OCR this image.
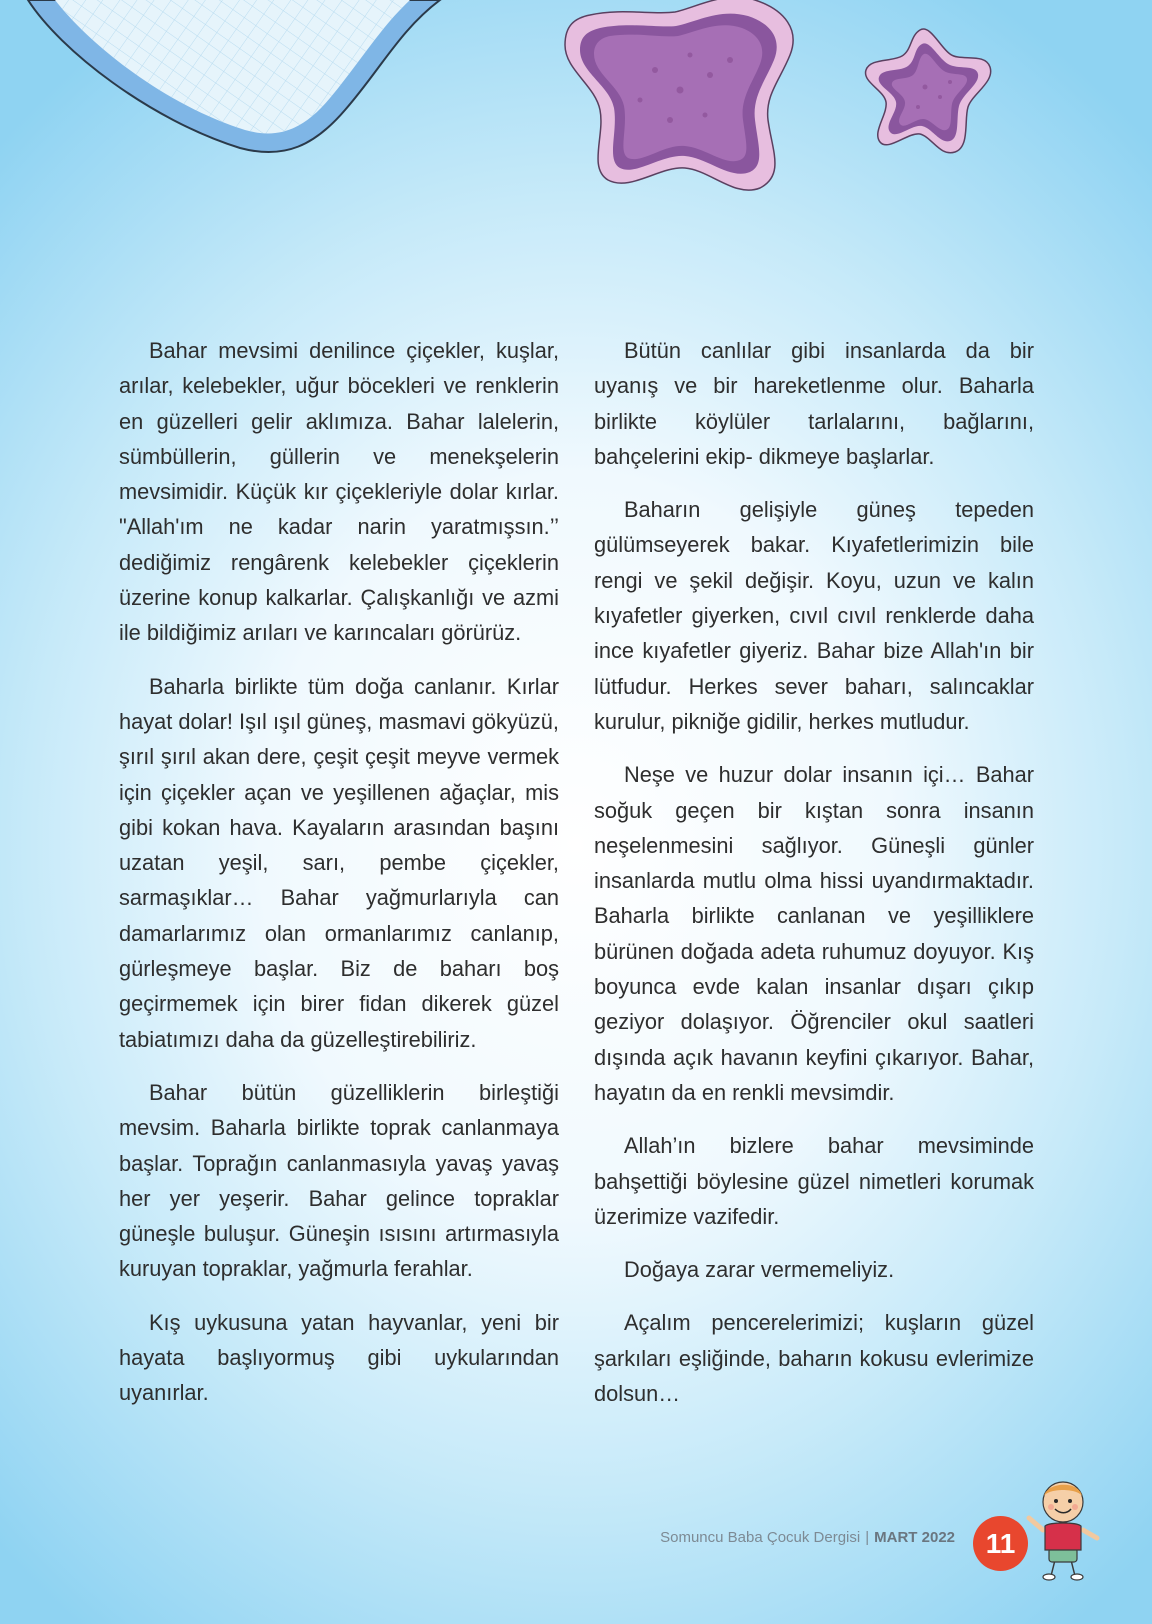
Bahar mevsimi denilince çiçekler, kuşlar, arılar, kelebekler, uğur böcekleri ve renklerin en güzelleri gelir aklımıza. Bahar lalelerin, sümbüllerin, güllerin ve menekşelerin mevsimidir. Küçük kır çiçekleriyle dolar kırlar. "Allah'ım ne kadar narin yaratmışsın.’’ dediğimiz rengârenk kelebekler çiçeklerin üzerine konup kalkarlar. Çalışkanlığı ve azmi ile bildiğimiz arıları ve karıncaları görürüz.

Baharla birlikte tüm doğa canlanır. Kırlar hayat dolar! Işıl ışıl güneş, masmavi gökyüzü, şırıl şırıl akan dere, çeşit çeşit meyve vermek için çiçekler açan ve yeşillenen ağaçlar, mis gibi kokan hava. Kayaların arasından başını uzatan yeşil, sarı, pembe çiçekler, sarmaşıklar… Bahar yağmurlarıyla can damarlarımız olan ormanlarımız canlanıp, gürleşmeye başlar. Biz de baharı boş geçirmemek için birer fidan dikerek güzel tabiatımızı daha da güzelleştirebiliriz.

Bahar bütün güzelliklerin birleştiği mevsim. Baharla birlikte toprak canlanmaya başlar. Toprağın canlanmasıyla yavaş yavaş her yer yeşerir. Bahar gelince topraklar güneşle buluşur. Güneşin ısısını artırmasıyla kuruyan topraklar, yağmurla ferahlar.

Kış uykusuna yatan hayvanlar, yeni bir hayata başlıyormuş gibi uykularından uyanırlar.

Bütün canlılar gibi insanlarda da bir uyanış ve bir hareketlenme olur. Baharla birlikte köylüler tarlalarını, bağlarını, bahçelerini ekip- dikmeye başlarlar.

Baharın gelişiyle güneş tepeden gülümseyerek bakar. Kıyafetlerimizin bile rengi ve şekil değişir. Koyu, uzun ve kalın kıyafetler giyerken, cıvıl cıvıl renklerde daha ince kıyafetler giyeriz. Bahar bize Allah'ın bir lütfudur. Herkes sever baharı, salıncaklar kurulur, pikniğe gidilir, herkes mutludur.

Neşe ve huzur dolar insanın içi… Bahar soğuk geçen bir kıştan sonra insanın neşelenmesini sağlıyor. Güneşli günler insanlarda mutlu olma hissi uyandırmaktadır. Baharla birlikte canlanan ve yeşilliklere bürünen doğada adeta ruhumuz doyuyor. Kış boyunca evde kalan insanlar dışarı çıkıp geziyor dolaşıyor. Öğrenciler okul saatleri dışında açık havanın keyfini çıkarıyor. Bahar, hayatın da en renkli mevsimdir.

Allah’ın bizlere bahar mevsiminde bahşettiği böylesine güzel nimetleri korumak üzerimize vazifedir.

Doğaya zarar vermemeliyiz.

Açalım pencerelerimizi; kuşların güzel şarkıları eşliğinde, baharın kokusu evlerimize dolsun…

Somuncu Baba Çocuk Dergisi | MART 2022	11
